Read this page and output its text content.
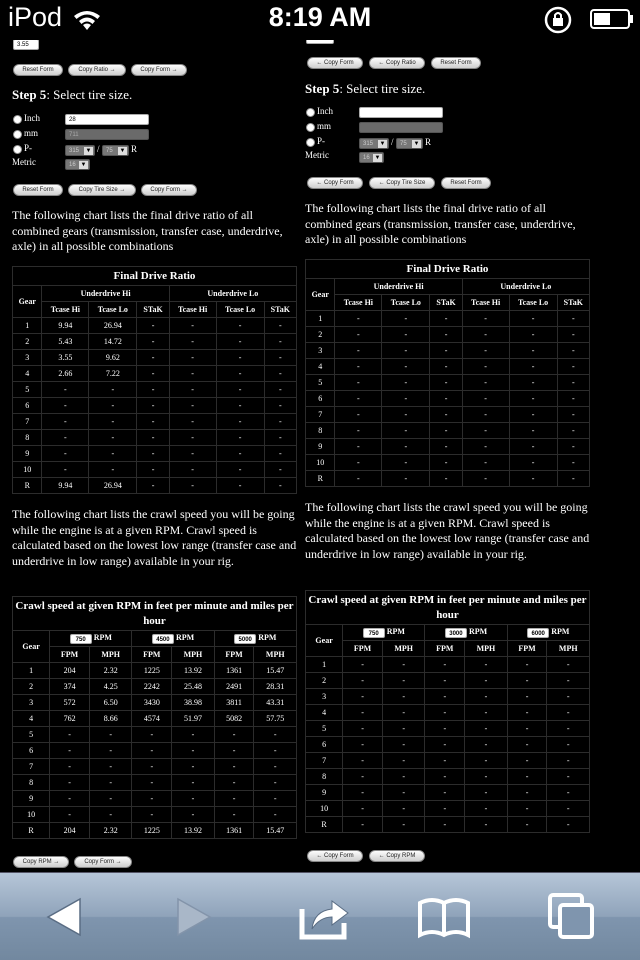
iPod	8:19 AM
3.55
Reset Form	Copy Ratio →	Copy Form →
Step 5: Select tire size.
Inch	28
mm	711
P-
Metric
315 ▼ /	75 ▼ R
16 ▼
Reset Form	Copy Tire Size →	Copy Form →
The following chart lists the final drive ratio of all combined gears (transmission, transfer case, underdrive, axle) in all possible combinations
Final Drive Ratio						
Gear	Underdrive Hi			Underdrive Lo		
	Tcase Hi	Tcase Lo	STaK	Tcase Hi	Tcase Lo	STaK
1	9.94	26.94	-	-	-	-
2	5.43	14.72	-	-	-	-
3	3.55	9.62	-	-	-	-
4	2.66	7.22	-	-	-	-
5	-	-	-	-	-	-
6	-	-	-	-	-	-
7	-	-	-	-	-	-
8	-	-	-	-	-	-
9	-	-	-	-	-	-
10	-	-	-	-	-	-
R	9.94	26.94	-	-	-	-
The following chart lists the crawl speed you will be going while the engine is at a given RPM. Crawl speed is calculated based on the lowest low range (transfer case and underdrive in low range) available in your rig.
Crawl speed at given RPM in feet per minute and miles per hour						
Gear	750 RPM		4500 RPM		5000 RPM	
	FPM	MPH	FPM	MPH	FPM	MPH
1	204	2.32	1225	13.92	1361	15.47
2	374	4.25	2242	25.48	2491	28.31
3	572	6.50	3430	38.98	3811	43.31
4	762	8.66	4574	51.97	5082	57.75
5	-	-	-	-	-	-
6	-	-	-	-	-	-
7	-	-	-	-	-	-
8	-	-	-	-	-	-
9	-	-	-	-	-	-
10	-	-	-	-	-	-
R	204	2.32	1225	13.92	1361	15.47
Copy RPM →	Copy Form →
← Copy Form	← Copy Ratio	Reset Form
Step 5: Select tire size.
Inch
mm
P-
Metric
315 ▼ /	75 ▼ R
16 ▼
← Copy Form	← Copy Tire Size	Reset Form
The following chart lists the final drive ratio of all combined gears (transmission, transfer case, underdrive, axle) in all possible combinations
Final Drive Ratio						
Gear	Underdrive Hi			Underdrive Lo		
	Tcase Hi	Tcase Lo	STaK	Tcase Hi	Tcase Lo	STaK
1	-	-	-	-	-	-
2	-	-	-	-	-	-
3	-	-	-	-	-	-
4	-	-	-	-	-	-
5	-	-	-	-	-	-
6	-	-	-	-	-	-
7	-	-	-	-	-	-
8	-	-	-	-	-	-
9	-	-	-	-	-	-
10	-	-	-	-	-	-
R	-	-	-	-	-	-
The following chart lists the crawl speed you will be going while the engine is at a given RPM. Crawl speed is calculated based on the lowest low range (transfer case and underdrive in low range) available in your rig.
Crawl speed at given RPM in feet per minute and miles per hour						
Gear	750 RPM		3000 RPM		6000 RPM	
	FPM	MPH	FPM	MPH	FPM	MPH
1	-	-	-	-	-	-
2	-	-	-	-	-	-
3	-	-	-	-	-	-
4	-	-	-	-	-	-
5	-	-	-	-	-	-
6	-	-	-	-	-	-
7	-	-	-	-	-	-
8	-	-	-	-	-	-
9	-	-	-	-	-	-
10	-	-	-	-	-	-
R	-	-	-	-	-	-
← Copy Form	← Copy RPM
